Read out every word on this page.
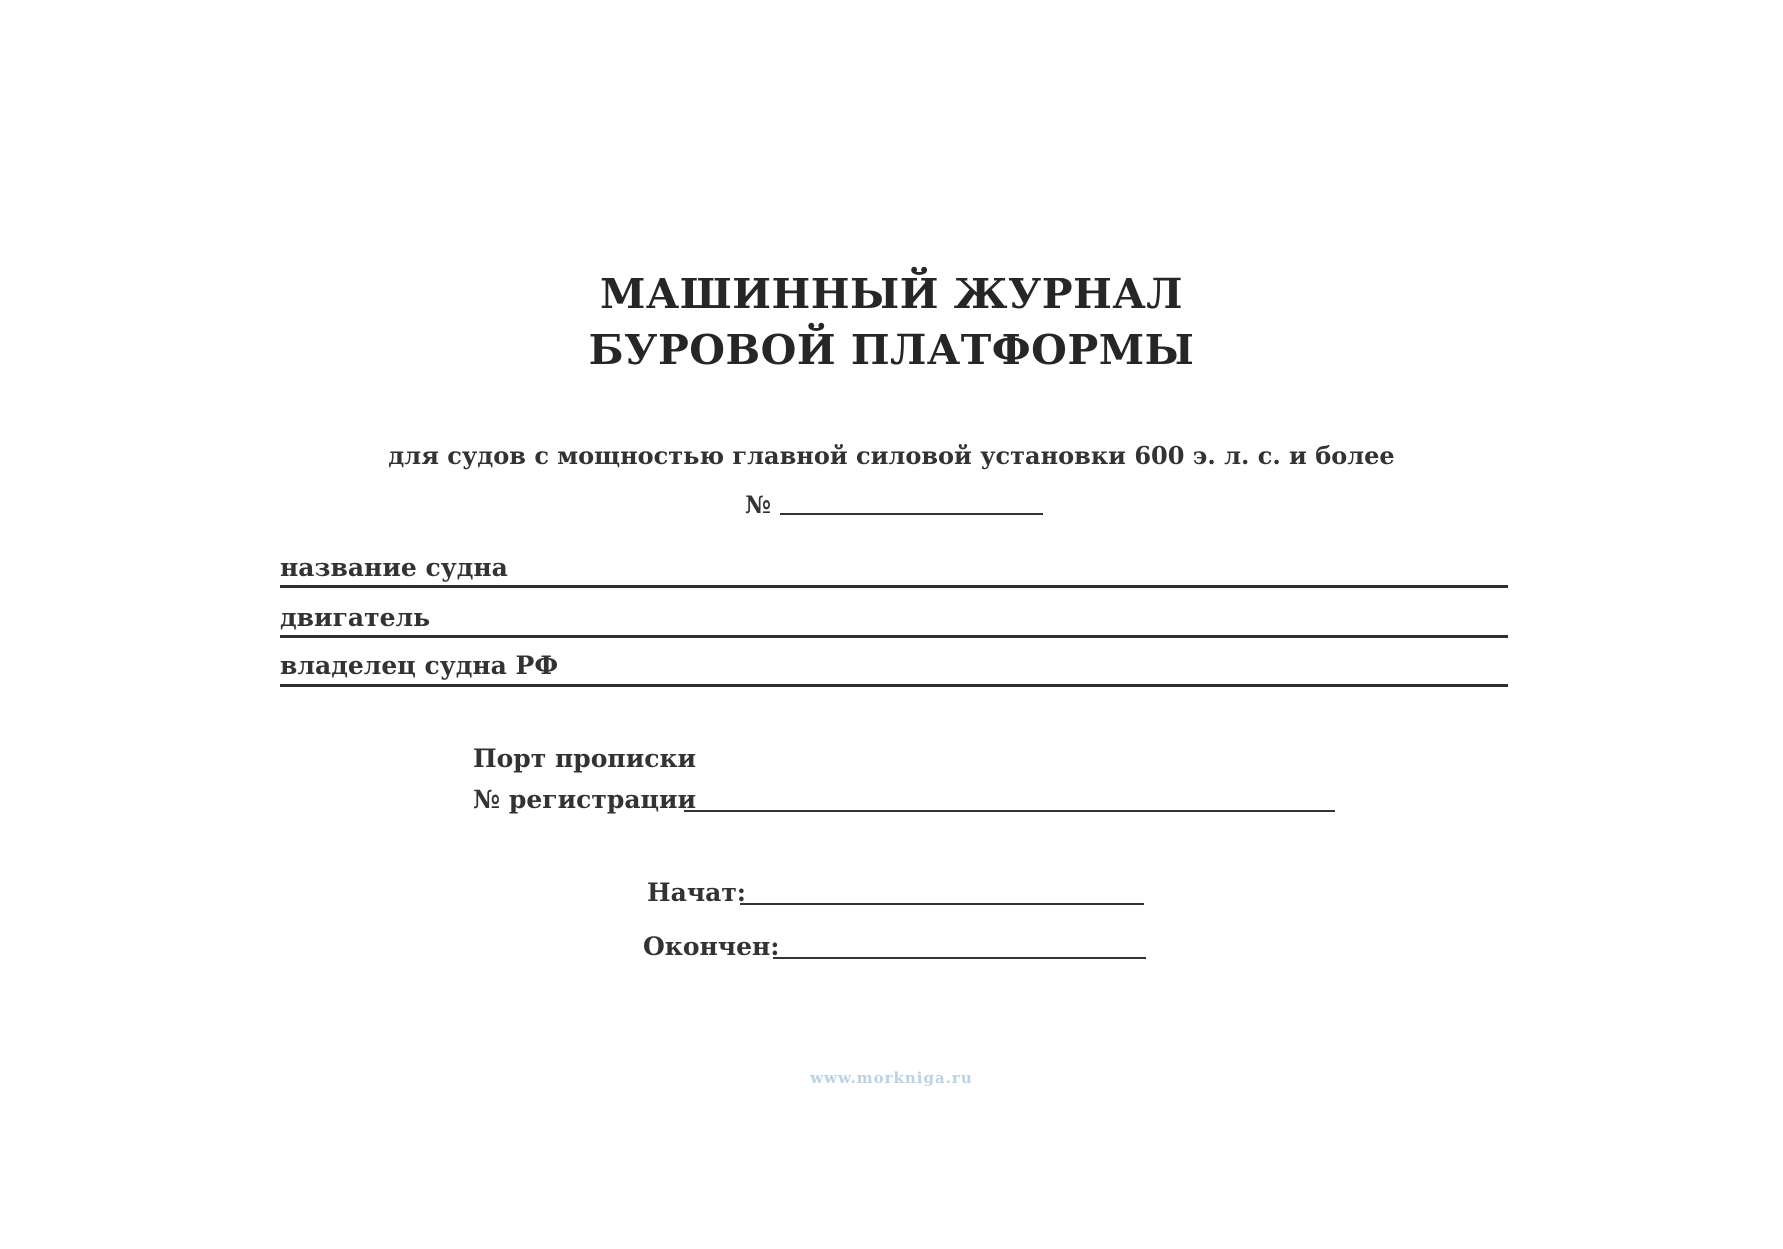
МАШИННЫЙ ЖУРНАЛ
БУРОВОЙ ПЛАТФОРМЫ
для судов с мощностью главной силовой установки 600 э. л. с. и более
№
название судна
двигатель
владелец судна РФ
Порт прописки
№ регистрации
Начат:
Окончен:
www.morkniga.ru
